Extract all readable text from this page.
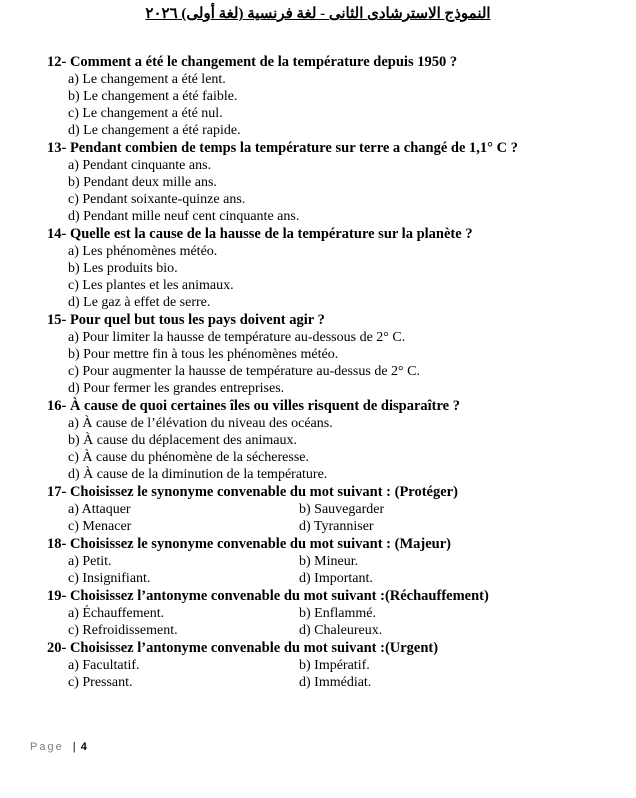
النموذج الاسترشادى الثانى - لغة فرنسية (لغة أولى) ٢٠٢٦
12- Comment a été le changement de la température depuis 1950 ?
a) Le changement a été lent.
b) Le changement a été faible.
c) Le changement a été nul.
d) Le changement a été rapide.
13- Pendant combien de temps la température sur terre a changé de 1,1° C ?
a) Pendant cinquante ans.
b) Pendant deux mille ans.
c) Pendant soixante-quinze ans.
d) Pendant mille neuf cent cinquante ans.
14- Quelle est la cause de la hausse de la température sur la planète ?
a) Les phénomènes météo.
b) Les produits bio.
c) Les plantes et les animaux.
d) Le gaz à effet de serre.
15- Pour quel but tous les pays doivent agir ?
a) Pour limiter la hausse de température au-dessous de 2° C.
b) Pour mettre fin à tous les phénomènes météo.
c) Pour augmenter la hausse de température au-dessus de 2° C.
d) Pour fermer les grandes entreprises.
16- À cause de quoi certaines îles ou villes risquent de disparaître ?
a) À cause de l’élévation du niveau des océans.
b) À cause du déplacement des animaux.
c) À cause du phénomène de la sécheresse.
d) À cause de la diminution de la température.
17- Choisissez le synonyme convenable du mot suivant : (Protéger)
a) Attaquer	b) Sauvegarder
c) Menacer	d) Tyranniser
18- Choisissez le synonyme convenable du mot suivant : (Majeur)
a) Petit.	b) Mineur.
c) Insignifiant.	d) Important.
19- Choisissez l’antonyme convenable du mot suivant :(Réchauffement)
a) Échauffement.	b) Enflammé.
c) Refroidissement.	d) Chaleureux.
20- Choisissez l’antonyme convenable du mot suivant :(Urgent)
a) Facultatif.	b) Impératif.
c) Pressant.	d) Immédiat.
Page | 4
